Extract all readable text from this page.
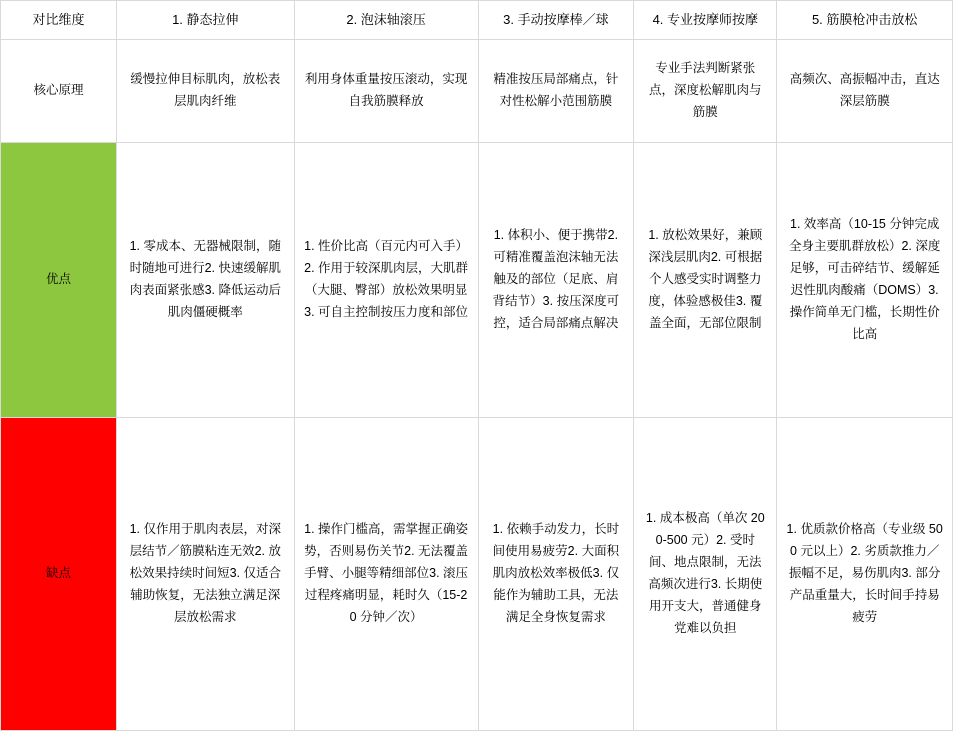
对比维度	1. 静态拉伸	2. 泡沫轴滚压	3. 手动按摩棒／球	4. 专业按摩师按摩	5. 筋膜枪冲击放松
核心原理	缓慢拉伸目标肌肉，放松表层肌肉纤维	利用身体重量按压滚动，实现自我筋膜释放	精准按压局部痛点，针对性松解小范围筋膜	专业手法判断紧张点，深度松解肌肉与筋膜	高频次、高振幅冲击，直达深层筋膜
优点	1. 零成本、无器械限制，随时随地可进行2. 快速缓解肌肉表面紧张感3. 降低运动后肌肉僵硬概率	1. 性价比高（百元内可入手）2. 作用于较深肌肉层，大肌群（大腿、臀部）放松效果明显3. 可自主控制按压力度和部位	1. 体积小、便于携带2. 可精准覆盖泡沫轴无法触及的部位（足底、肩背结节）3. 按压深度可控，适合局部痛点解决	1. 放松效果好，兼顾深浅层肌肉2. 可根据个人感受实时调整力度，体验感极佳3. 覆盖全面，无部位限制	1. 效率高（10-15 分钟完成全身主要肌群放松）2. 深度足够，可击碎结节、缓解延迟性肌肉酸痛（DOMS）3. 操作简单无门槛，长期性价比高
缺点	1. 仅作用于肌肉表层，对深层结节／筋膜粘连无效2. 放松效果持续时间短3. 仅适合辅助恢复，无法独立满足深层放松需求	1. 操作门槛高，需掌握正确姿势，否则易伤关节2. 无法覆盖手臂、小腿等精细部位3. 滚压过程疼痛明显，耗时久（15-20 分钟／次）	1. 依赖手动发力，长时间使用易疲劳2. 大面积肌肉放松效率极低3. 仅能作为辅助工具，无法满足全身恢复需求	1. 成本极高（单次 200-500 元）2. 受时间、地点限制，无法高频次进行3. 长期使用开支大，普通健身党难以负担	1. 优质款价格高（专业级 500 元以上）2. 劣质款推力／振幅不足，易伤肌肉3. 部分产品重量大，长时间手持易疲劳
